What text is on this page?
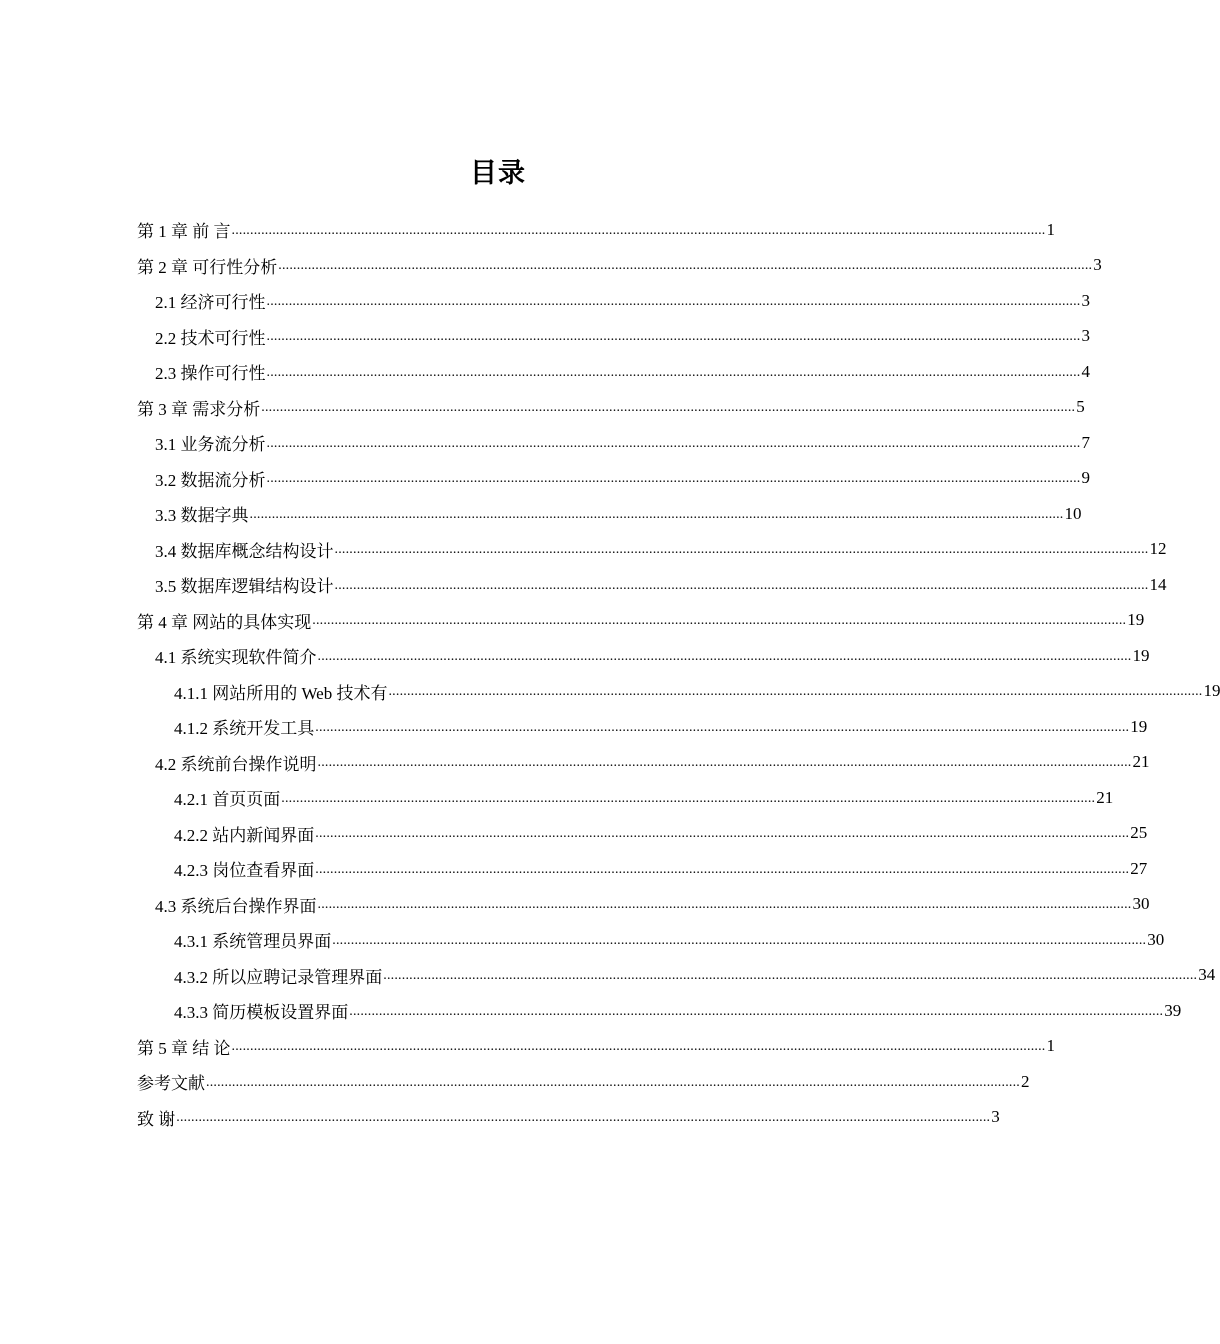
目录
第 1 章 前 言 ............................................................................................................................................................................................................................ 1
第 2 章 可行性分析 ............................................................................................................................................................................................................................ 3
2.1 经济可行性 ............................................................................................................................................................................................................................ 3
2.2 技术可行性 ............................................................................................................................................................................................................................ 3
2.3 操作可行性 ............................................................................................................................................................................................................................ 4
第 3 章 需求分析 ............................................................................................................................................................................................................................ 5
3.1 业务流分析 ............................................................................................................................................................................................................................ 7
3.2 数据流分析 ............................................................................................................................................................................................................................ 9
3.3 数据字典 ............................................................................................................................................................................................................................ 10
3.4 数据库概念结构设计 ............................................................................................................................................................................................................................ 12
3.5 数据库逻辑结构设计 ............................................................................................................................................................................................................................ 14
第 4 章 网站的具体实现 ............................................................................................................................................................................................................................ 19
4.1 系统实现软件简介 ............................................................................................................................................................................................................................ 19
4.1.1 网站所用的 Web 技术有 ............................................................................................................................................................................................................................ 19
4.1.2 系统开发工具 ............................................................................................................................................................................................................................ 19
4.2 系统前台操作说明 ............................................................................................................................................................................................................................ 21
4.2.1 首页页面 ............................................................................................................................................................................................................................ 21
4.2.2 站内新闻界面 ............................................................................................................................................................................................................................ 25
4.2.3 岗位查看界面 ............................................................................................................................................................................................................................ 27
4.3 系统后台操作界面 ............................................................................................................................................................................................................................ 30
4.3.1 系统管理员界面 ............................................................................................................................................................................................................................ 30
4.3.2 所以应聘记录管理界面 ............................................................................................................................................................................................................................ 34
4.3.3 简历模板设置界面 ............................................................................................................................................................................................................................ 39
第 5 章 结 论 ............................................................................................................................................................................................................................ 1
参考文献 ............................................................................................................................................................................................................................ 2
致 谢 ............................................................................................................................................................................................................................ 3
